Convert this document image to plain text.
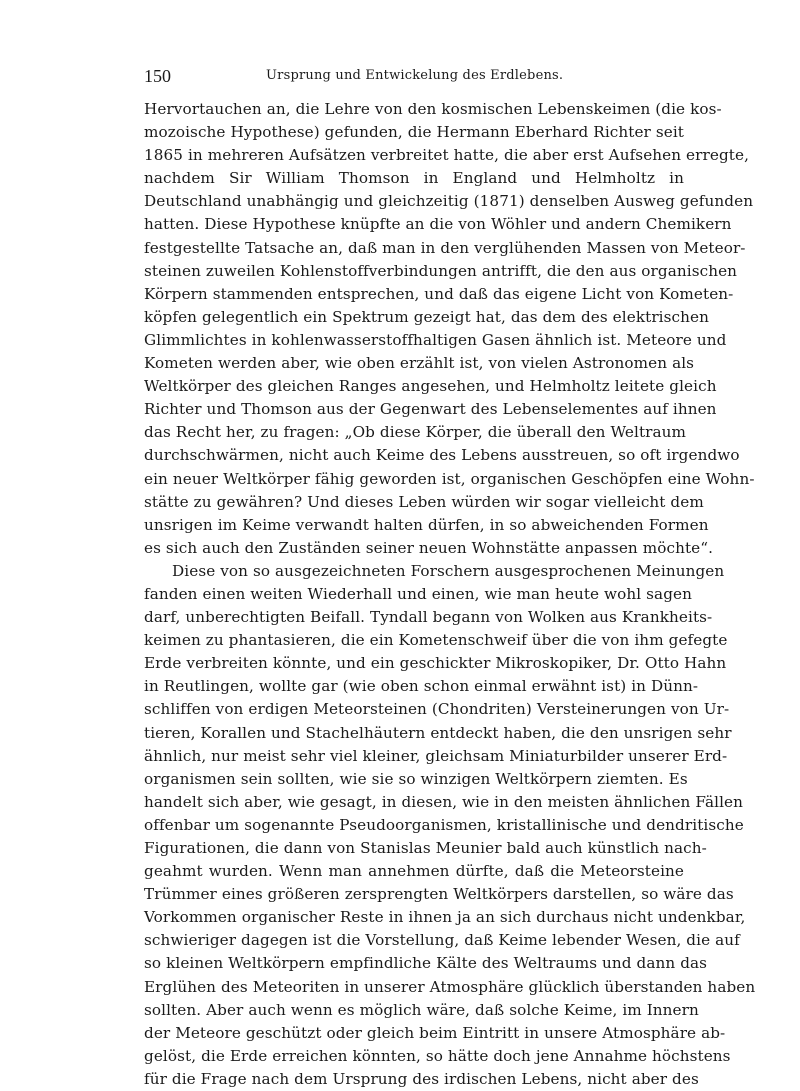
150	Ursprung und Entwickelung des Erdlebens.
Hervortauchen an, die Lehre von den kosmischen Lebenskeimen (die kos-
mozoische Hypothese) gefunden, die Hermann Eberhard Richter seit
1865 in mehreren Aufsätzen verbreitet hatte, die aber erst Aufsehen erregte,
nachdem Sir William Thomson in England und Helmholtz in
Deutschland unabhängig und gleichzeitig (1871) denselben Ausweg gefunden
hatten. Diese Hypothese knüpfte an die von Wöhler und andern Chemikern
festgestellte Tatsache an, daß man in den verglühenden Massen von Meteor-
steinen zuweilen Kohlenstoffverbindungen antrifft, die den aus organischen
Körpern stammenden entsprechen, und daß das eigene Licht von Kometen-
köpfen gelegentlich ein Spektrum gezeigt hat, das dem des elektrischen
Glimmlichtes in kohlenwasserstoffhaltigen Gasen ähnlich ist. Meteore und
Kometen werden aber, wie oben erzählt ist, von vielen Astronomen als
Weltkörper des gleichen Ranges angesehen, und Helmholtz leitete gleich
Richter und Thomson aus der Gegenwart des Lebenselementes auf ihnen
das Recht her, zu fragen: „Ob diese Körper, die überall den Weltraum
durchschwärmen, nicht auch Keime des Lebens ausstreuen, so oft irgendwo
ein neuer Weltkörper fähig geworden ist, organischen Geschöpfen eine Wohn-
stätte zu gewähren? Und dieses Leben würden wir sogar vielleicht dem
unsrigen im Keime verwandt halten dürfen, in so abweichenden Formen
es sich auch den Zuständen seiner neuen Wohnstätte anpassen möchte“.
Diese von so ausgezeichneten Forschern ausgesprochenen Meinungen
fanden einen weiten Wiederhall und einen, wie man heute wohl sagen
darf, unberechtigten Beifall. Tyndall begann von Wolken aus Krankheits-
keimen zu phantasieren, die ein Kometenschweif über die von ihm gefegte
Erde verbreiten könnte, und ein geschickter Mikroskopiker, Dr. Otto Hahn
in Reutlingen, wollte gar (wie oben schon einmal erwähnt ist) in Dünn-
schliffen von erdigen Meteorsteinen (Chondriten) Versteinerungen von Ur-
tieren, Korallen und Stachelhäutern entdeckt haben, die den unsrigen sehr
ähnlich, nur meist sehr viel kleiner, gleichsam Miniaturbilder unserer Erd-
organismen sein sollten, wie sie so winzigen Weltkörpern ziemten. Es
handelt sich aber, wie gesagt, in diesen, wie in den meisten ähnlichen Fällen
offenbar um sogenannte Pseudoorganismen, kristallinische und dendritische
Figurationen, die dann von Stanislas Meunier bald auch künstlich nach-
geahmt wurden. Wenn man annehmen dürfte, daß die Meteorsteine
Trümmer eines größeren zersprengten Weltkörpers darstellen, so wäre das
Vorkommen organischer Reste in ihnen ja an sich durchaus nicht undenkbar,
schwieriger dagegen ist die Vorstellung, daß Keime lebender Wesen, die auf
so kleinen Weltkörpern empfindliche Kälte des Weltraums und dann das
Erglühen des Meteoriten in unserer Atmosphäre glücklich überstanden haben
sollten. Aber auch wenn es möglich wäre, daß solche Keime, im Innern
der Meteore geschützt oder gleich beim Eintritt in unsere Atmosphäre ab-
gelöst, die Erde erreichen könnten, so hätte doch jene Annahme höchstens
für die Frage nach dem Ursprung des irdischen Lebens, nicht aber des
